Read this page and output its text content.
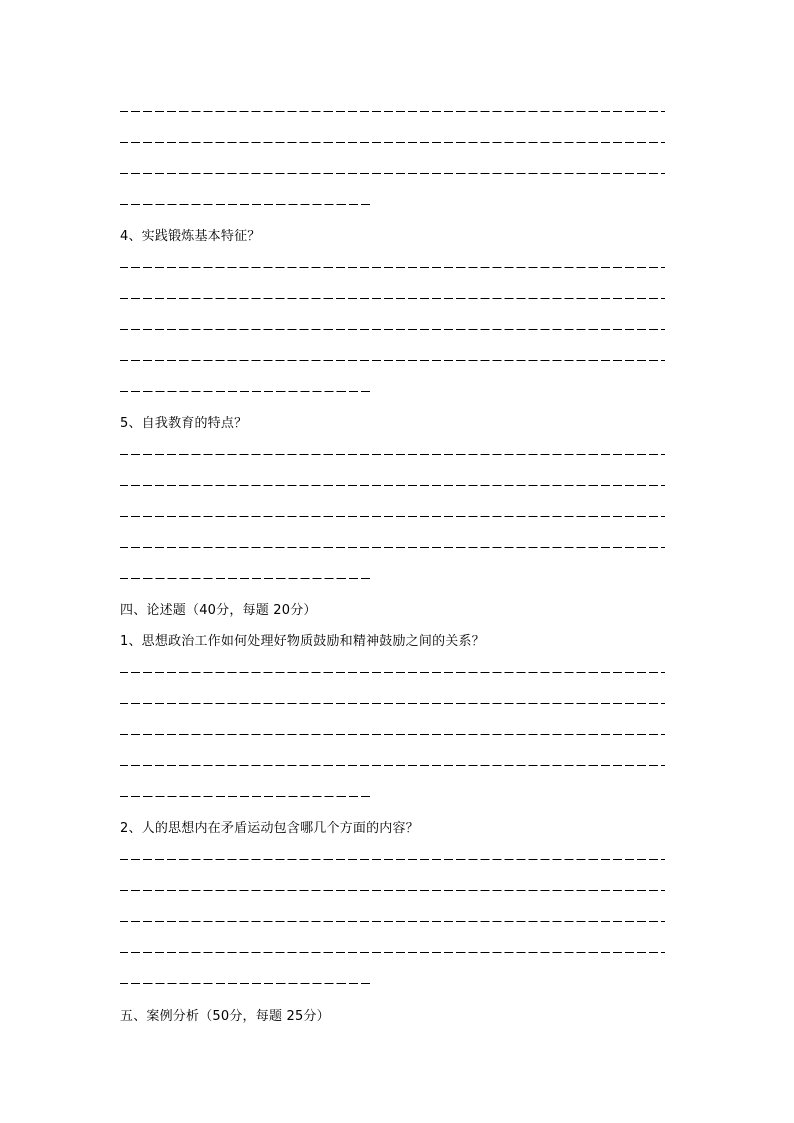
4、实践锻炼基本特征？
5、自我教育的特点？
四、论述题（40分，每题 20分）
1、思想政治工作如何处理好物质鼓励和精神鼓励之间的关系？
2、人的思想内在矛盾运动包含哪几个方面的内容？
五、案例分析（50分，每题 25分）
